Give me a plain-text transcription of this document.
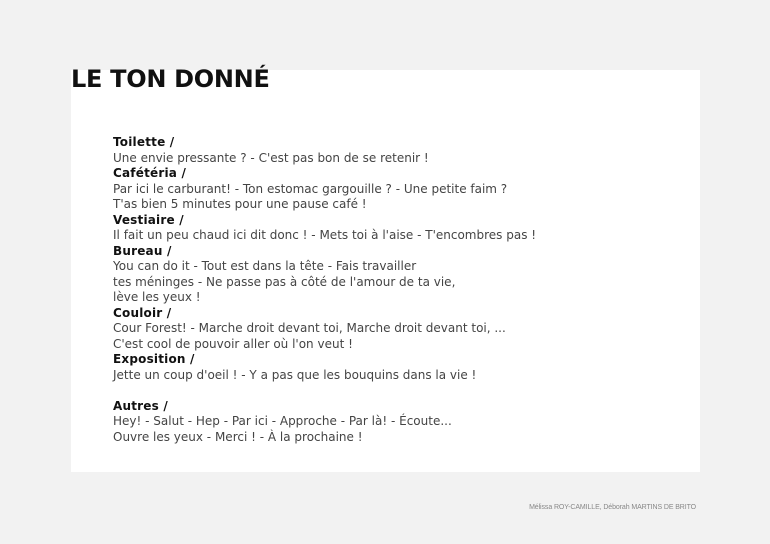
LE TON DONNÉ
Toilette /
Une envie pressante ? - C'est pas bon de se retenir !
Cafétéria /
Par ici le carburant! - Ton estomac gargouille ? - Une petite faim ?
T'as bien 5 minutes pour une pause café !
Vestiaire /
Il fait un peu chaud ici dit donc ! - Mets toi à l'aise - T'encombres pas !
Bureau /
You can do it - Tout est dans la tête - Fais travailler
tes méninges - Ne passe pas à côté de l'amour de ta vie,
lève les yeux !
Couloir /
Cour Forest! - Marche droit devant toi, Marche droit devant toi, ...
C'est cool de pouvoir aller où l'on veut !
Exposition /
Jette un coup d'oeil ! - Y a pas que les bouquins dans la vie !
Autres /
Hey! - Salut - Hep - Par ici - Approche - Par là! - Écoute...
Ouvre les yeux - Merci ! - À la prochaine !
Mélissa ROY-CAMILLE, Déborah MARTINS DE BRITO
